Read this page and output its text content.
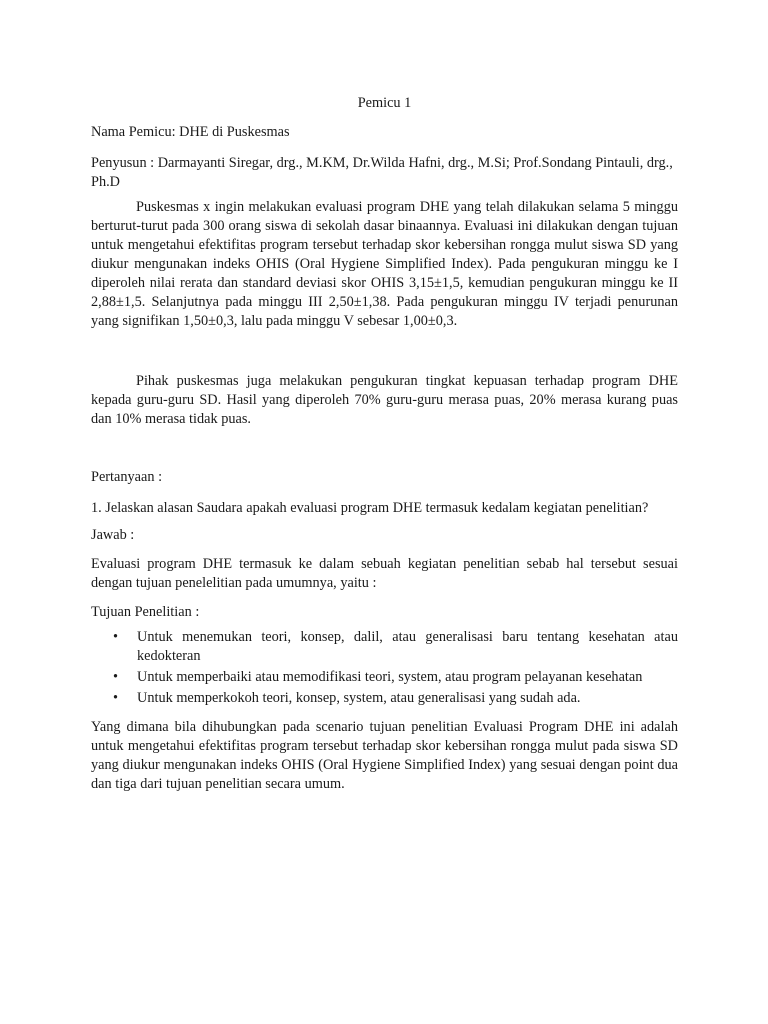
Pemicu 1

Nama Pemicu: DHE di Puskesmas

Penyusun : Darmayanti Siregar, drg., M.KM, Dr.Wilda Hafni, drg., M.Si; Prof.Sondang Pintauli, drg., Ph.D

Puskesmas x ingin melakukan evaluasi program DHE yang telah dilakukan selama 5 minggu berturut-turut pada 300 orang siswa di sekolah dasar binaannya. Evaluasi ini dilakukan dengan tujuan untuk mengetahui efektifitas program tersebut terhadap skor kebersihan rongga mulut siswa SD yang diukur mengunakan indeks OHIS (Oral Hygiene Simplified Index). Pada pengukuran minggu ke I diperoleh nilai rerata dan standard deviasi skor OHIS 3,15±1,5, kemudian pengukuran minggu ke II 2,88±1,5. Selanjutnya pada minggu III 2,50±1,38. Pada pengukuran minggu IV terjadi penurunan yang signifikan 1,50±0,3, lalu pada minggu V sebesar 1,00±0,3.

Pihak puskesmas juga melakukan pengukuran tingkat kepuasan terhadap program DHE kepada guru-guru SD. Hasil yang diperoleh 70% guru-guru merasa puas, 20% merasa kurang puas dan 10% merasa tidak puas.

Pertanyaan :

1. Jelaskan alasan Saudara apakah evaluasi program DHE termasuk kedalam kegiatan penelitian?

Jawab :

Evaluasi program DHE termasuk ke dalam sebuah kegiatan penelitian sebab hal tersebut sesuai dengan tujuan penelelitian pada umumnya, yaitu :

Tujuan Penelitian :

• Untuk menemukan teori, konsep, dalil, atau generalisasi baru tentang kesehatan atau kedokteran
• Untuk memperbaiki atau memodifikasi teori, system, atau program pelayanan kesehatan
• Untuk memperkokoh teori, konsep, system, atau generalisasi yang sudah ada.

Yang dimana bila dihubungkan pada scenario tujuan penelitian Evaluasi Program DHE ini adalah untuk mengetahui efektifitas program tersebut terhadap skor kebersihan rongga mulut pada siswa SD yang diukur mengunakan indeks OHIS (Oral Hygiene Simplified Index) yang sesuai dengan point dua dan tiga dari tujuan penelitian secara umum.
